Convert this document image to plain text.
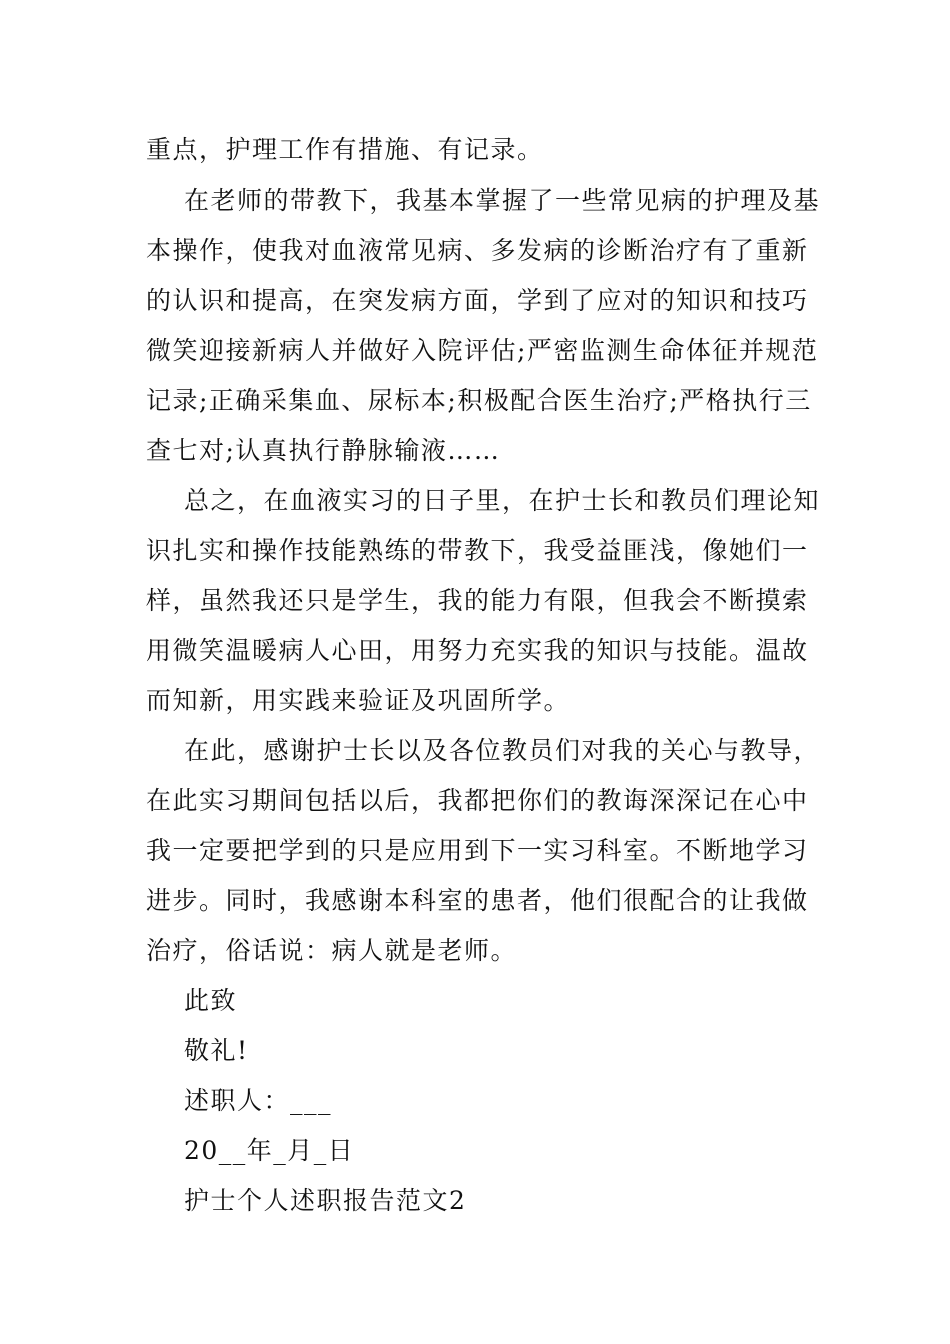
重点，护理工作有措施、有记录。
在老师的带教下，我基本掌握了一些常见病的护理及基
本操作，使我对血液常见病、多发病的诊断治疗有了重新
的认识和提高，在突发病方面，学到了应对的知识和技巧
微笑迎接新病人并做好入院评估;严密监测生命体征并规范
记录;正确采集血、尿标本;积极配合医生治疗;严格执行三
查七对;认真执行静脉输液……
总之，在血液实习的日子里，在护士长和教员们理论知
识扎实和操作技能熟练的带教下，我受益匪浅，像她们一
样，虽然我还只是学生，我的能力有限，但我会不断摸索
用微笑温暖病人心田，用努力充实我的知识与技能。温故
而知新，用实践来验证及巩固所学。
在此，感谢护士长以及各位教员们对我的关心与教导，
在此实习期间包括以后，我都把你们的教诲深深记在心中
我一定要把学到的只是应用到下一实习科室。不断地学习
进步。同时，我感谢本科室的患者，他们很配合的让我做
治疗，俗话说：病人就是老师。
此致
敬礼!
述职人：___
20__年_月_日
护士个人述职报告范文2
